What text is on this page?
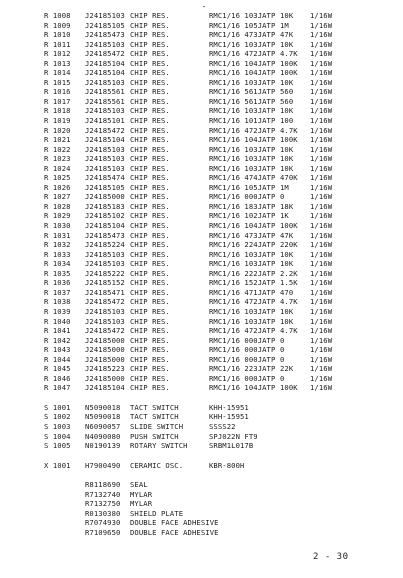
R 1008	J24185103 CHIP RES.	RMC1/16 103JATP 10K	1/16W
R 1009	J24185105 CHIP RES.	RMC1/16 105JATP 1M	1/16W
R 1010	J24185473 CHIP RES.	RMC1/16 473JATP 47K	1/16W
R 1011	J24185103 CHIP RES.	RMC1/16 103JATP 10K	1/16W
R 1012	J24185472 CHIP RES.	RMC1/16 472JATP 4.7K	1/16W
R 1013	J24185104 CHIP RES.	RMC1/16 104JATP 100K	1/16W
R 1014	J24185104 CHIP RES.	RMC1/16 104JATP 100K	1/16W
R 1015	J24185103 CHIP RES.	RMC1/16 103JATP 10K	1/16W
R 1016	J24185561 CHIP RES.	RMC1/16 561JATP 560	1/16W
R 1017	J24185561 CHIP RES.	RMC1/16 561JATP 560	1/16W
R 1018	J24185103 CHIP RES.	RMC1/16 103JATP 10K	1/16W
R 1019	J24185101 CHIP RES.	RMC1/16 101JATP 100	1/16W
R 1020	J24185472 CHIP RES.	RMC1/16 472JATP 4.7K	1/16W
R 1021	J24185104 CHIP RES.	RMC1/16 104JATP 100K	1/16W
R 1022	J24185103 CHIP RES.	RMC1/16 103JATP 10K	1/16W
R 1023	J24185103 CHIP RES.	RMC1/16 103JATP 10K	1/16W
R 1024	J24185103 CHIP RES.	RMC1/16 103JATP 10K	1/16W
R 1025	J24185474 CHIP RES.	RMC1/16 474JATP 470K	1/16W
R 1026	J24185105 CHIP RES.	RMC1/16 105JATP 1M	1/16W
R 1027	J24185000 CHIP RES.	RMC1/16 000JATP 0	1/16W
R 1028	J24185183 CHIP RES.	RMC1/16 183JATP 18K	1/16W
R 1029	J24185102 CHIP RES.	RMC1/16 102JATP 1K	1/16W
R 1030	J24185104 CHIP RES.	RMC1/16 104JATP 100K	1/16W
R 1031	J24185473 CHIP RES.	RMC1/16 473JATP 47K	1/16W
R 1032	J24185224 CHIP RES.	RMC1/16 224JATP 220K	1/16W
R 1033	J24185103 CHIP RES.	RMC1/16 103JATP 10K	1/16W
R 1034	J24185103 CHIP RES.	RMC1/16 103JATP 10K	1/16W
R 1035	J24185222 CHIP RES.	RMC1/16 222JATP 2.2K	1/16W
R 1036	J24185152 CHIP RES.	RMC1/16 152JATP 1.5K	1/16W
R 1037	J24185471 CHIP RES.	RMC1/16 471JATP 470	1/16W
R 1038	J24185472 CHIP RES.	RMC1/16 472JATP 4.7K	1/16W
R 1039	J24185103 CHIP RES.	RMC1/16 103JATP 10K	1/16W
R 1040	J24185103 CHIP RES.	RMC1/16 103JATP 10K	1/16W
R 1041	J24185472 CHIP RES.	RMC1/16 472JATP 4.7K	1/16W
R 1042	J24185000 CHIP RES.	RMC1/16 000JATP 0	1/16W
R 1043	J24185000 CHIP RES.	RMC1/16 000JATP 0	1/16W
R 1044	J24185000 CHIP RES.	RMC1/16 000JATP 0	1/16W
R 1045	J24185223 CHIP RES.	RMC1/16 223JATP 22K	1/16W
R 1046	J24185000 CHIP RES.	RMC1/16 000JATP 0	1/16W
R 1047	J24185104 CHIP RES.	RMC1/16 104JATP 100K	1/16W
S 1001	N5090018	TACT SWITCH	KHH-15951
S 1002	N5090018	TACT SWITCH	KHH-15951
S 1003	N6090057	SLIDE SWITCH	SSSS22
S 1004	N4090080	PUSH SWITCH	SPJ022N FT9
S 1005	N0190139	ROTARY SWITCH	SRBM1L017B
X 1001	H7900490	CERAMIC OSC.	KBR-800H
R8118690	SEAL
R7132740	MYLAR
R7132750	MYLAR
R0130380	SHIELD PLATE
R7074930	DOUBLE FACE ADHESIVE
R7109650	DOUBLE FACE ADHESIVE
2 - 30
